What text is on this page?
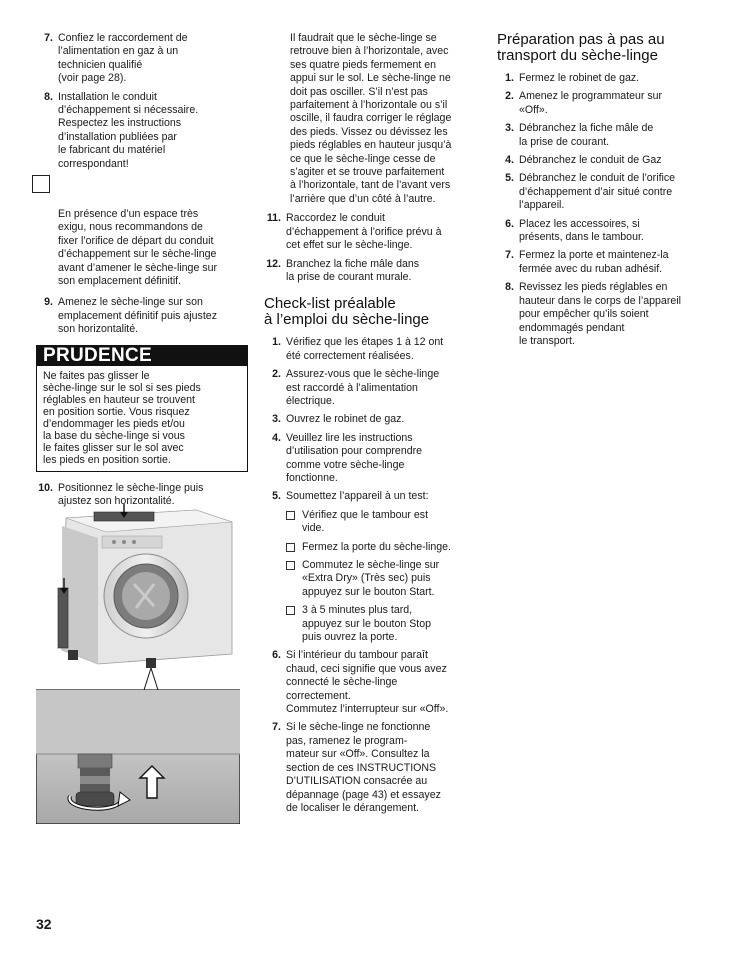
7. Confiez le raccordement de
l’alimentation en gaz à un
technicien qualifié
(voir page 28).
8. Installation le conduit
d’échappement si nécessaire.
Respectez les instructions
d’installation publiées par
le fabricant du matériel
correspondant!

En présence d’un espace très
exigu, nous recommandons de
fixer l’orifice de départ du conduit
d’échappement sur le sèche-linge
avant d’amener le sèche-linge sur
son emplacement définitif.

9. Amenez le sèche-linge sur son
emplacement définitif puis ajustez
son horizontalité.
PRUDENCE
Ne faites pas glisser le
sèche-linge sur le sol si ses pieds
réglables en hauteur se trouvent
en position sortie. Vous risquez
d’endommager les pieds et/ou
la base du sèche-linge si vous
le faites glisser sur le sol avec
les pieds en position sortie.
10. Positionnez le sèche-linge puis
ajustez son horizontalité.
Il faudrait que le sèche-linge se
retrouve bien à l’horizontale, avec
ses quatre pieds fermement en
appui sur le sol. Le sèche-linge ne
doit pas osciller. S’il n’est pas
parfaitement à l’horizontale ou s’il
oscille, il faudra corriger le réglage
des pieds. Vissez ou dévissez les
pieds réglables en hauteur jusqu’à
ce que le sèche-linge cesse de
s’agiter et se trouve parfaitement
à l’horizontale, tant de l’avant vers
l’arrière que d’un côté à l’autre.
11. Raccordez le conduit
d’échappement à l’orifice prévu à
cet effet sur le sèche-linge.
12. Branchez la fiche mâle dans
la prise de courant murale.
Check-list préalable
à l’emploi du sèche-linge
1. Vérifiez que les étapes 1 à 12 ont
été correctement réalisées.
2. Assurez-vous que le sèche-linge
est raccordé à l’alimentation
électrique.
3. Ouvrez le robinet de gaz.
4. Veuillez lire les instructions
d’utilisation pour comprendre
comme votre sèche-linge
fonctionne.
5. Soumettez l’appareil à un test:
Vérifiez que le tambour est
vide.
Fermez la porte du sèche-linge.
Commutez le sèche-linge sur
«Extra Dry» (Très sec) puis
appuyez sur le bouton Start.
3 à 5 minutes plus tard,
appuyez sur le bouton Stop
puis ouvrez la porte.
6. Si l’intérieur du tambour paraît
chaud, ceci signifie que vous avez
connecté le sèche-linge
correctement.
Commutez l’interrupteur sur «Off».
7. Si le sèche-linge ne fonctionne
pas, ramenez le program-
mateur sur «Off». Consultez la
section de ces INSTRUCTIONS
D’UTILISATION consacrée au
dépannage (page 43) et essayez
de localiser le dérangement.
Préparation pas à pas au
transport du sèche-linge
1. Fermez le robinet de gaz.
2. Amenez le programmateur sur
«Off».
3. Débranchez la fiche mâle de
la prise de courant.
4. Débranchez le conduit de Gaz
5. Débranchez le conduit de l’orifice
d’échappement d’air situé contre
l’appareil.
6. Placez les accessoires, si
présents, dans le tambour.
7. Fermez la porte et maintenez-la
fermée avec du ruban adhésif.
8. Revissez les pieds réglables en
hauteur dans le corps de l’appareil
pour empêcher qu’ils soient
endommagés pendant
le transport.
32
